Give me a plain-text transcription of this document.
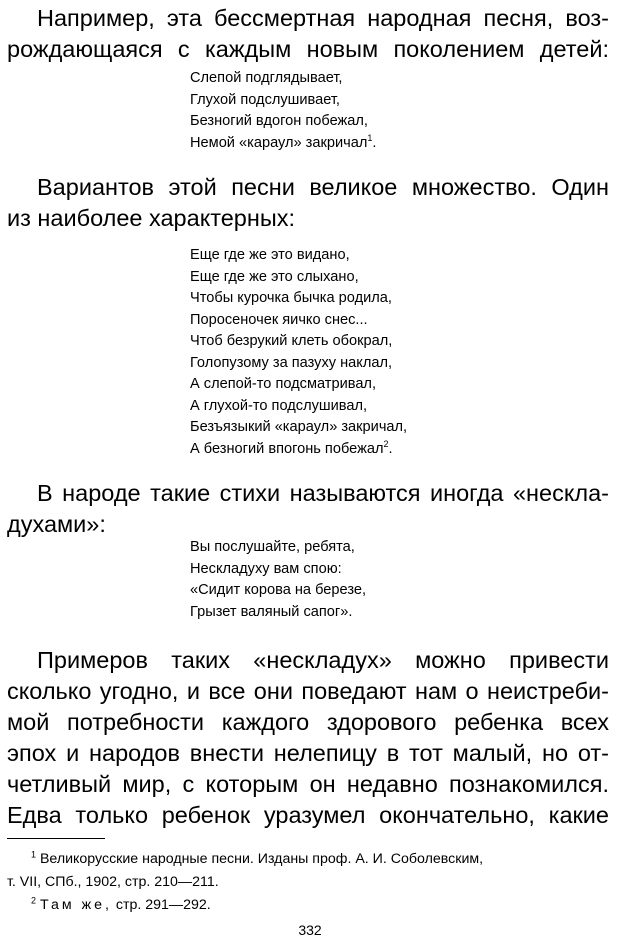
Например, эта бессмертная народная песня, воз-
рождающаяся с каждым новым поколением детей:

Слепой подглядывает,
Глухой подслушивает,
Безногий вдогон побежал,
Немой «караул» закричал$^1$.

Вариантов этой песни великое множество. Один
из наиболее характерных:

Еще где же это видано,
Еще где же это слыхано,
Чтобы курочка бычка родила,
Поросеночек яичко снес...
Чтоб безрукий клеть обокрал,
Голопузому за пазуху наклал,
А слепой-то подсматривал,
А глухой-то подслушивал,
Безъязыкий «караул» закричал,
А безногий впогонь побежал$^2$.

В народе такие стихи называются иногда «нескла-
духами»:

Вы послушайте, ребята,
Нескладуху вам спою:
«Сидит корова на березе,
Грызет валяный сапог».

Примеров таких «нескладух» можно привести
сколько угодно, и все они поведают нам о неистреби-
мой потребности каждого здорового ребенка всех
эпох и народов внести нелепицу в тот малый, но от-
четливый мир, с которым он недавно познакомился.
Едва только ребенок уразумел окончательно, какие

$^1$ Великорусские народные песни. Изданы проф. А. И. Соболевским,
т. VII, СПб., 1902, стр. 210—211.
$^2$ Там же, стр. 291—292.
332
